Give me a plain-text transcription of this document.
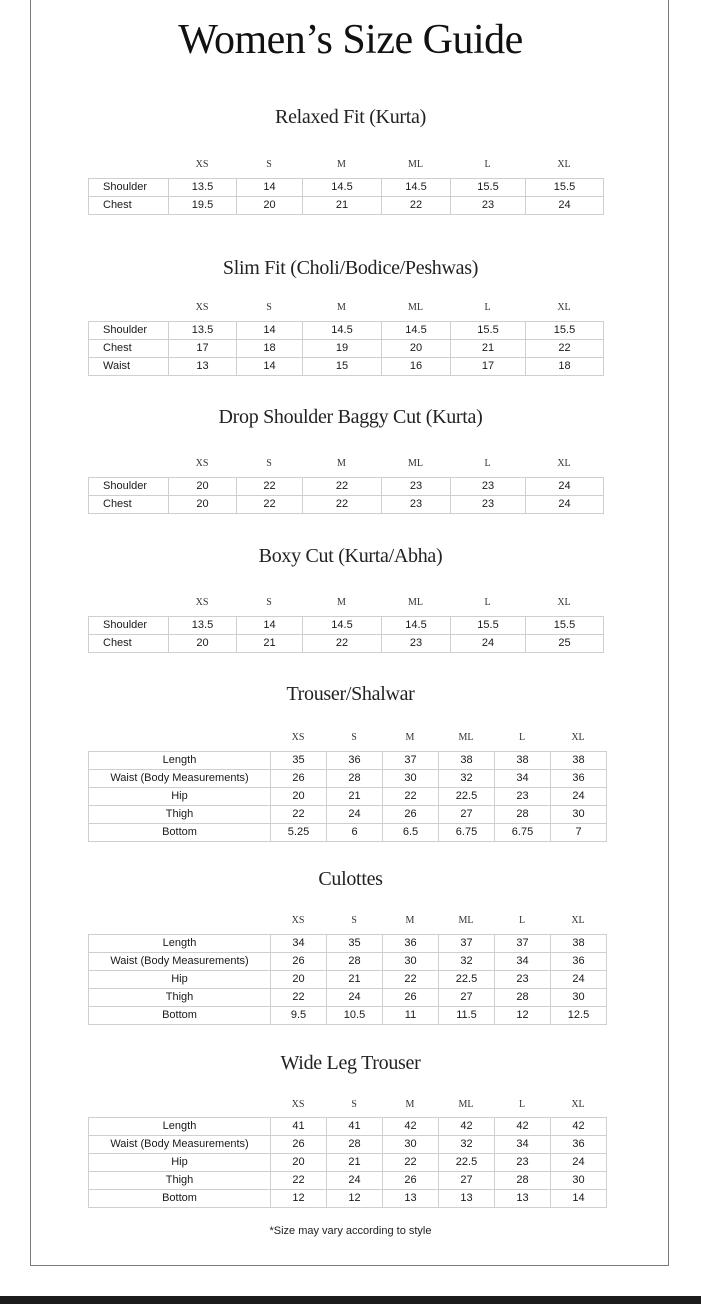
Women’s Size Guide
Relaxed Fit (Kurta)
XS	S	M	ML	L	XL
Shoulder	13.5	14	14.5	14.5	15.5	15.5
Chest	19.5	20	21	22	23	24
Slim Fit (Choli/Bodice/Peshwas)
XS	S	M	ML	L	XL
Shoulder	13.5	14	14.5	14.5	15.5	15.5
Chest	17	18	19	20	21	22
Waist	13	14	15	16	17	18
Drop Shoulder Baggy Cut (Kurta)
XS	S	M	ML	L	XL
Shoulder	20	22	22	23	23	24
Chest	20	22	22	23	23	24
Boxy Cut (Kurta/Abha)
XS	S	M	ML	L	XL
Shoulder	13.5	14	14.5	14.5	15.5	15.5
Chest	20	21	22	23	24	25
Trouser/Shalwar
XS	S	M	ML	L	XL
Length	35	36	37	38	38	38
Waist (Body Measurements)	26	28	30	32	34	36
Hip	20	21	22	22.5	23	24
Thigh	22	24	26	27	28	30
Bottom	5.25	6	6.5	6.75	6.75	7
Culottes
XS	S	M	ML	L	XL
Length	34	35	36	37	37	38
Waist (Body Measurements)	26	28	30	32	34	36
Hip	20	21	22	22.5	23	24
Thigh	22	24	26	27	28	30
Bottom	9.5	10.5	11	11.5	12	12.5
Wide Leg Trouser
XS	S	M	ML	L	XL
Length	41	41	42	42	42	42
Waist (Body Measurements)	26	28	30	32	34	36
Hip	20	21	22	22.5	23	24
Thigh	22	24	26	27	28	30
Bottom	12	12	13	13	13	14
*Size may vary according to style
